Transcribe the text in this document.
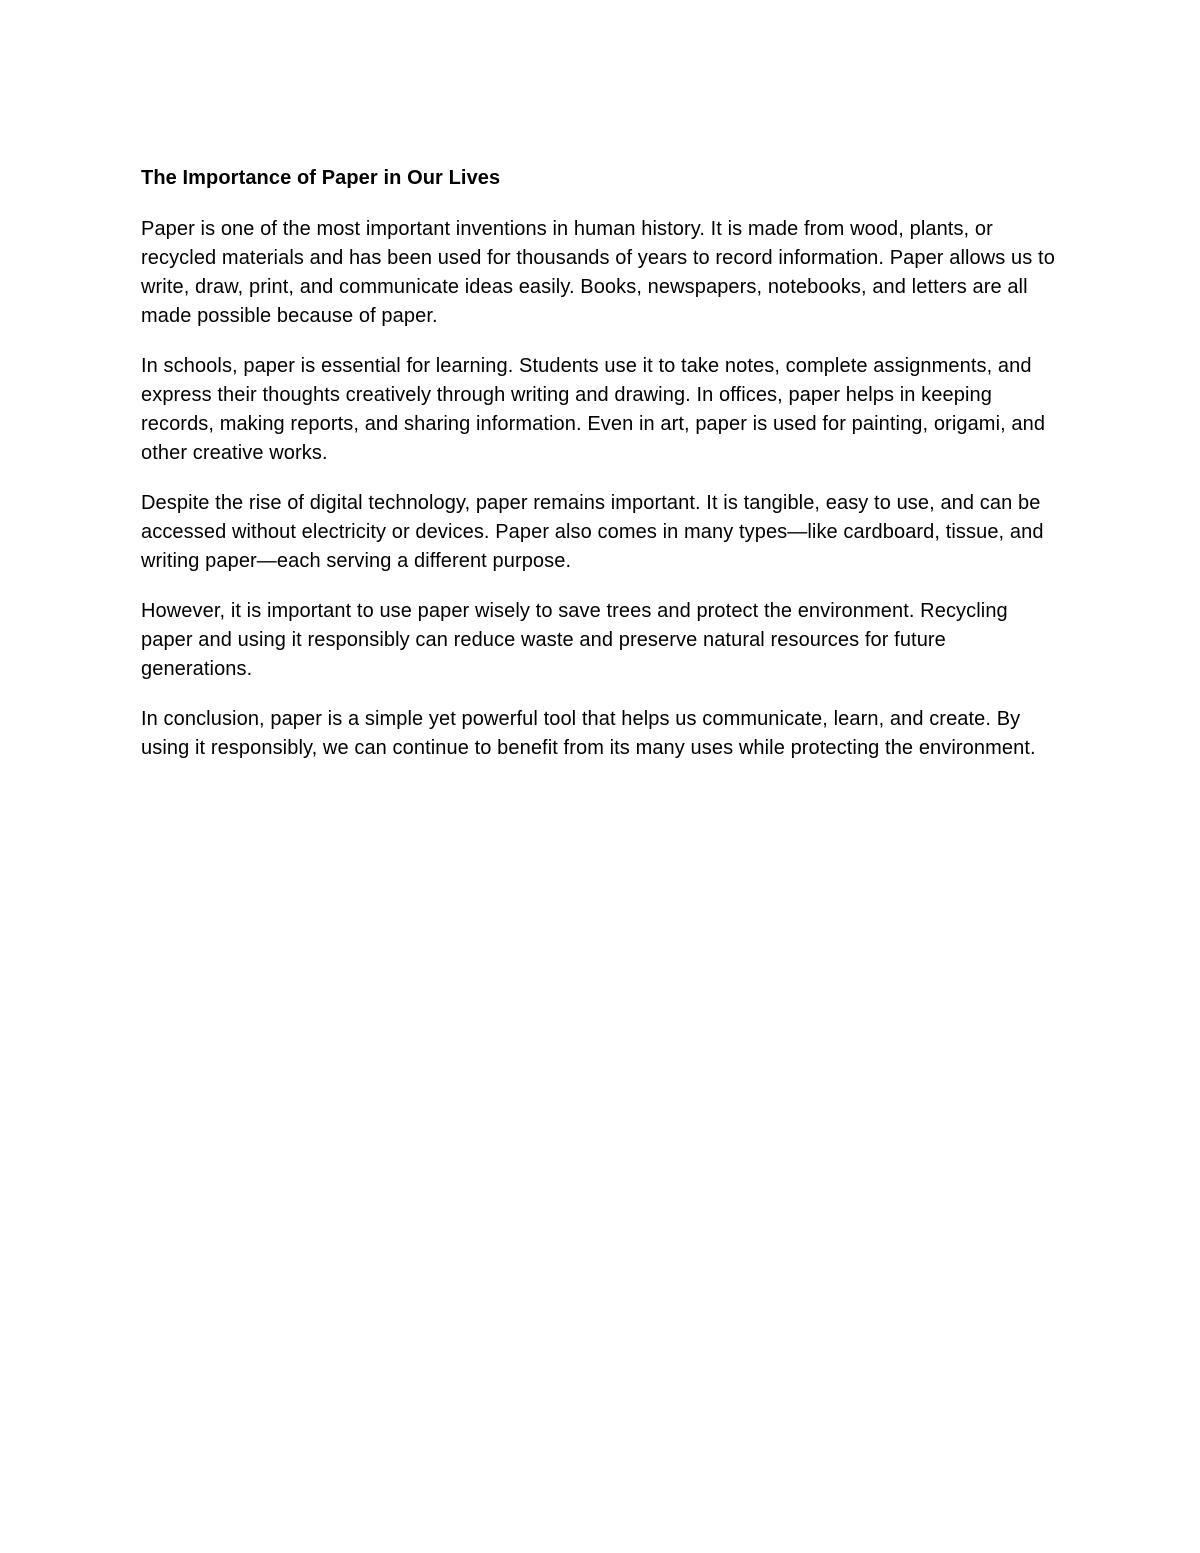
The Importance of Paper in Our Lives

Paper is one of the most important inventions in human history. It is made from wood, plants, or recycled materials and has been used for thousands of years to record information. Paper allows us to write, draw, print, and communicate ideas easily. Books, newspapers, notebooks, and letters are all made possible because of paper.

In schools, paper is essential for learning. Students use it to take notes, complete assignments, and express their thoughts creatively through writing and drawing. In offices, paper helps in keeping records, making reports, and sharing information. Even in art, paper is used for painting, origami, and other creative works.

Despite the rise of digital technology, paper remains important. It is tangible, easy to use, and can be accessed without electricity or devices. Paper also comes in many types—like cardboard, tissue, and writing paper—each serving a different purpose.

However, it is important to use paper wisely to save trees and protect the environment. Recycling paper and using it responsibly can reduce waste and preserve natural resources for future generations.

In conclusion, paper is a simple yet powerful tool that helps us communicate, learn, and create. By using it responsibly, we can continue to benefit from its many uses while protecting the environment.
